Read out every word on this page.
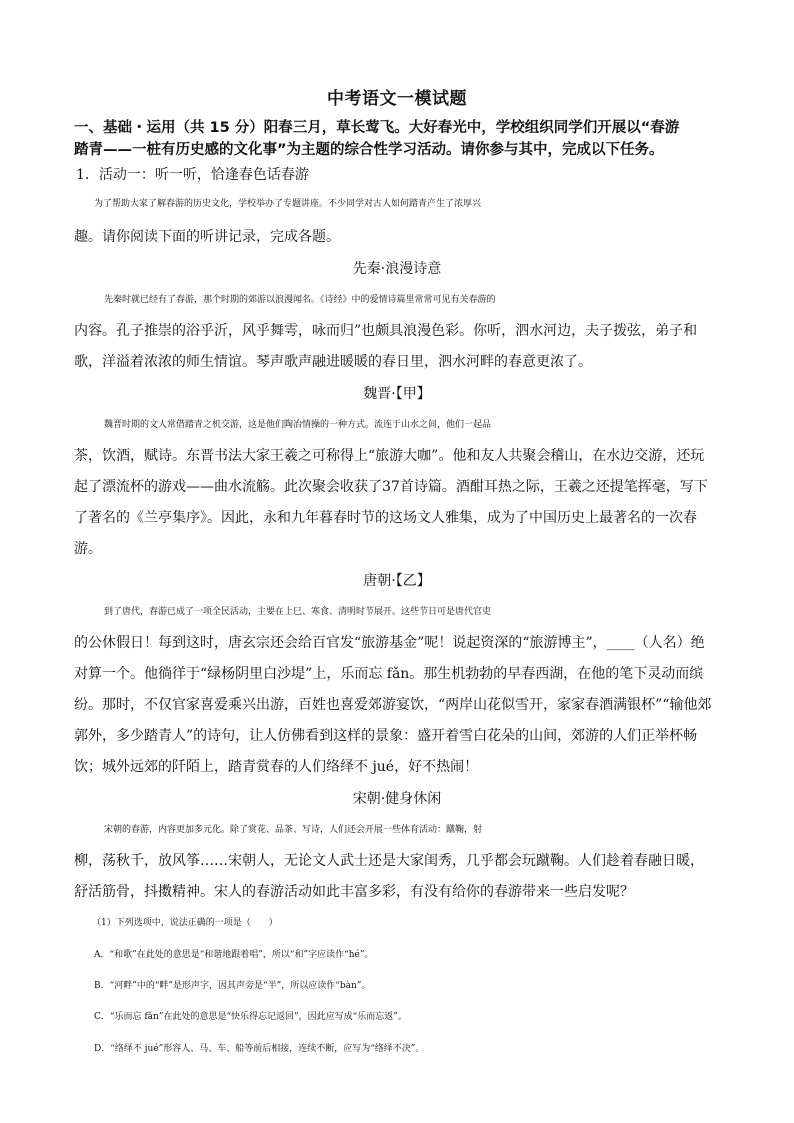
中考语文一模试题
一、基础・运用（共 15 分）阳春三月，草长莺飞。大好春光中，学校组织同学们开展以“春游
踏青——一桩有历史感的文化事”为主题的综合性学习活动。请你参与其中，完成以下任务。
1．活动一：听一听，恰逢春色话春游
为了帮助大家了解春游的历史文化，学校举办了专题讲座。不少同学对古人如何踏青产生了浓厚兴
趣。请你阅读下面的听讲记录，完成各题。
先秦·浪漫诗意
先秦时就已经有了春游，那个时期的郊游以浪漫闻名。《诗经》中的爱情诗篇里常常可见有关春游的
内容。孔子推崇的浴乎沂，风乎舞雩，咏而归”也颇具浪漫色彩。你听，泗水河边，夫子拨弦，弟子和
歌，洋溢着浓浓的师生情谊。琴声歌声融进暖暖的春日里，泗水河畔的春意更浓了。
魏晋·【甲】
魏晋时期的文人常借踏青之机交游，这是他们陶冶情操的一种方式。流连于山水之间，他们一起品
茶，饮酒，赋诗。东晋书法大家王羲之可称得上“旅游大咖”。他和友人共聚会稽山，在水边交游，还玩
起了漂流杯的游戏——曲水流觞。此次聚会收获了37首诗篇。酒酣耳热之际，王羲之还提笔挥毫，写下
了著名的《兰亭集序》。因此，永和九年暮春时节的这场文人雅集，成为了中国历史上最著名的一次春
游。
唐朝·【乙】
到了唐代，春游已成了一项全民活动，主要在上巳、寒食、清明时节展开。这些节日可是唐代官吏
的公休假日！每到这时，唐玄宗还会给百官发“旅游基金”呢！说起资深的“旅游博主”，____（人名）绝
对算一个。他徜徉于“绿杨阴里白沙堤”上，乐而忘 fǎn。那生机勃勃的早春西湖，在他的笔下灵动而缤
纷。那时，不仅官家喜爱乘兴出游，百姓也喜爱郊游宴饮，“两岸山花似雪开，家家春酒满银杯”“输他郊
郭外，多少踏青人”的诗句，让人仿佛看到这样的景象：盛开着雪白花朵的山间，郊游的人们正举杯畅
饮；城外远郊的阡陌上，踏青赏春的人们络绎不 jué，好不热闹！
宋朝·健身休闲
宋朝的春游，内容更加多元化。除了赏花、品茶、写诗，人们还会开展一些体育活动：蹴鞠，射
柳，荡秋千，放风筝……宋朝人，无论文人武士还是大家闺秀，几乎都会玩蹴鞠。人们趁着春融日暖，
舒活筋骨，抖擞精神。宋人的春游活动如此丰富多彩，有没有给你的春游带来一些启发呢？
（1）下列选项中，说法正确的一项是（　　）
A．“和歌”在此处的意思是“和谐地跟着唱”，所以“和”字应读作“hé”。
B．“河畔”中的“畔”是形声字，因其声旁是“半”，所以应读作“bàn”。
C．“乐而忘 fǎn”在此处的意思是“快乐得忘记返回”，因此应写成“乐而忘返”。
D．“络绎不 jué”形容人、马、车、船等前后相接，连续不断，应写为“络绎不决”。
